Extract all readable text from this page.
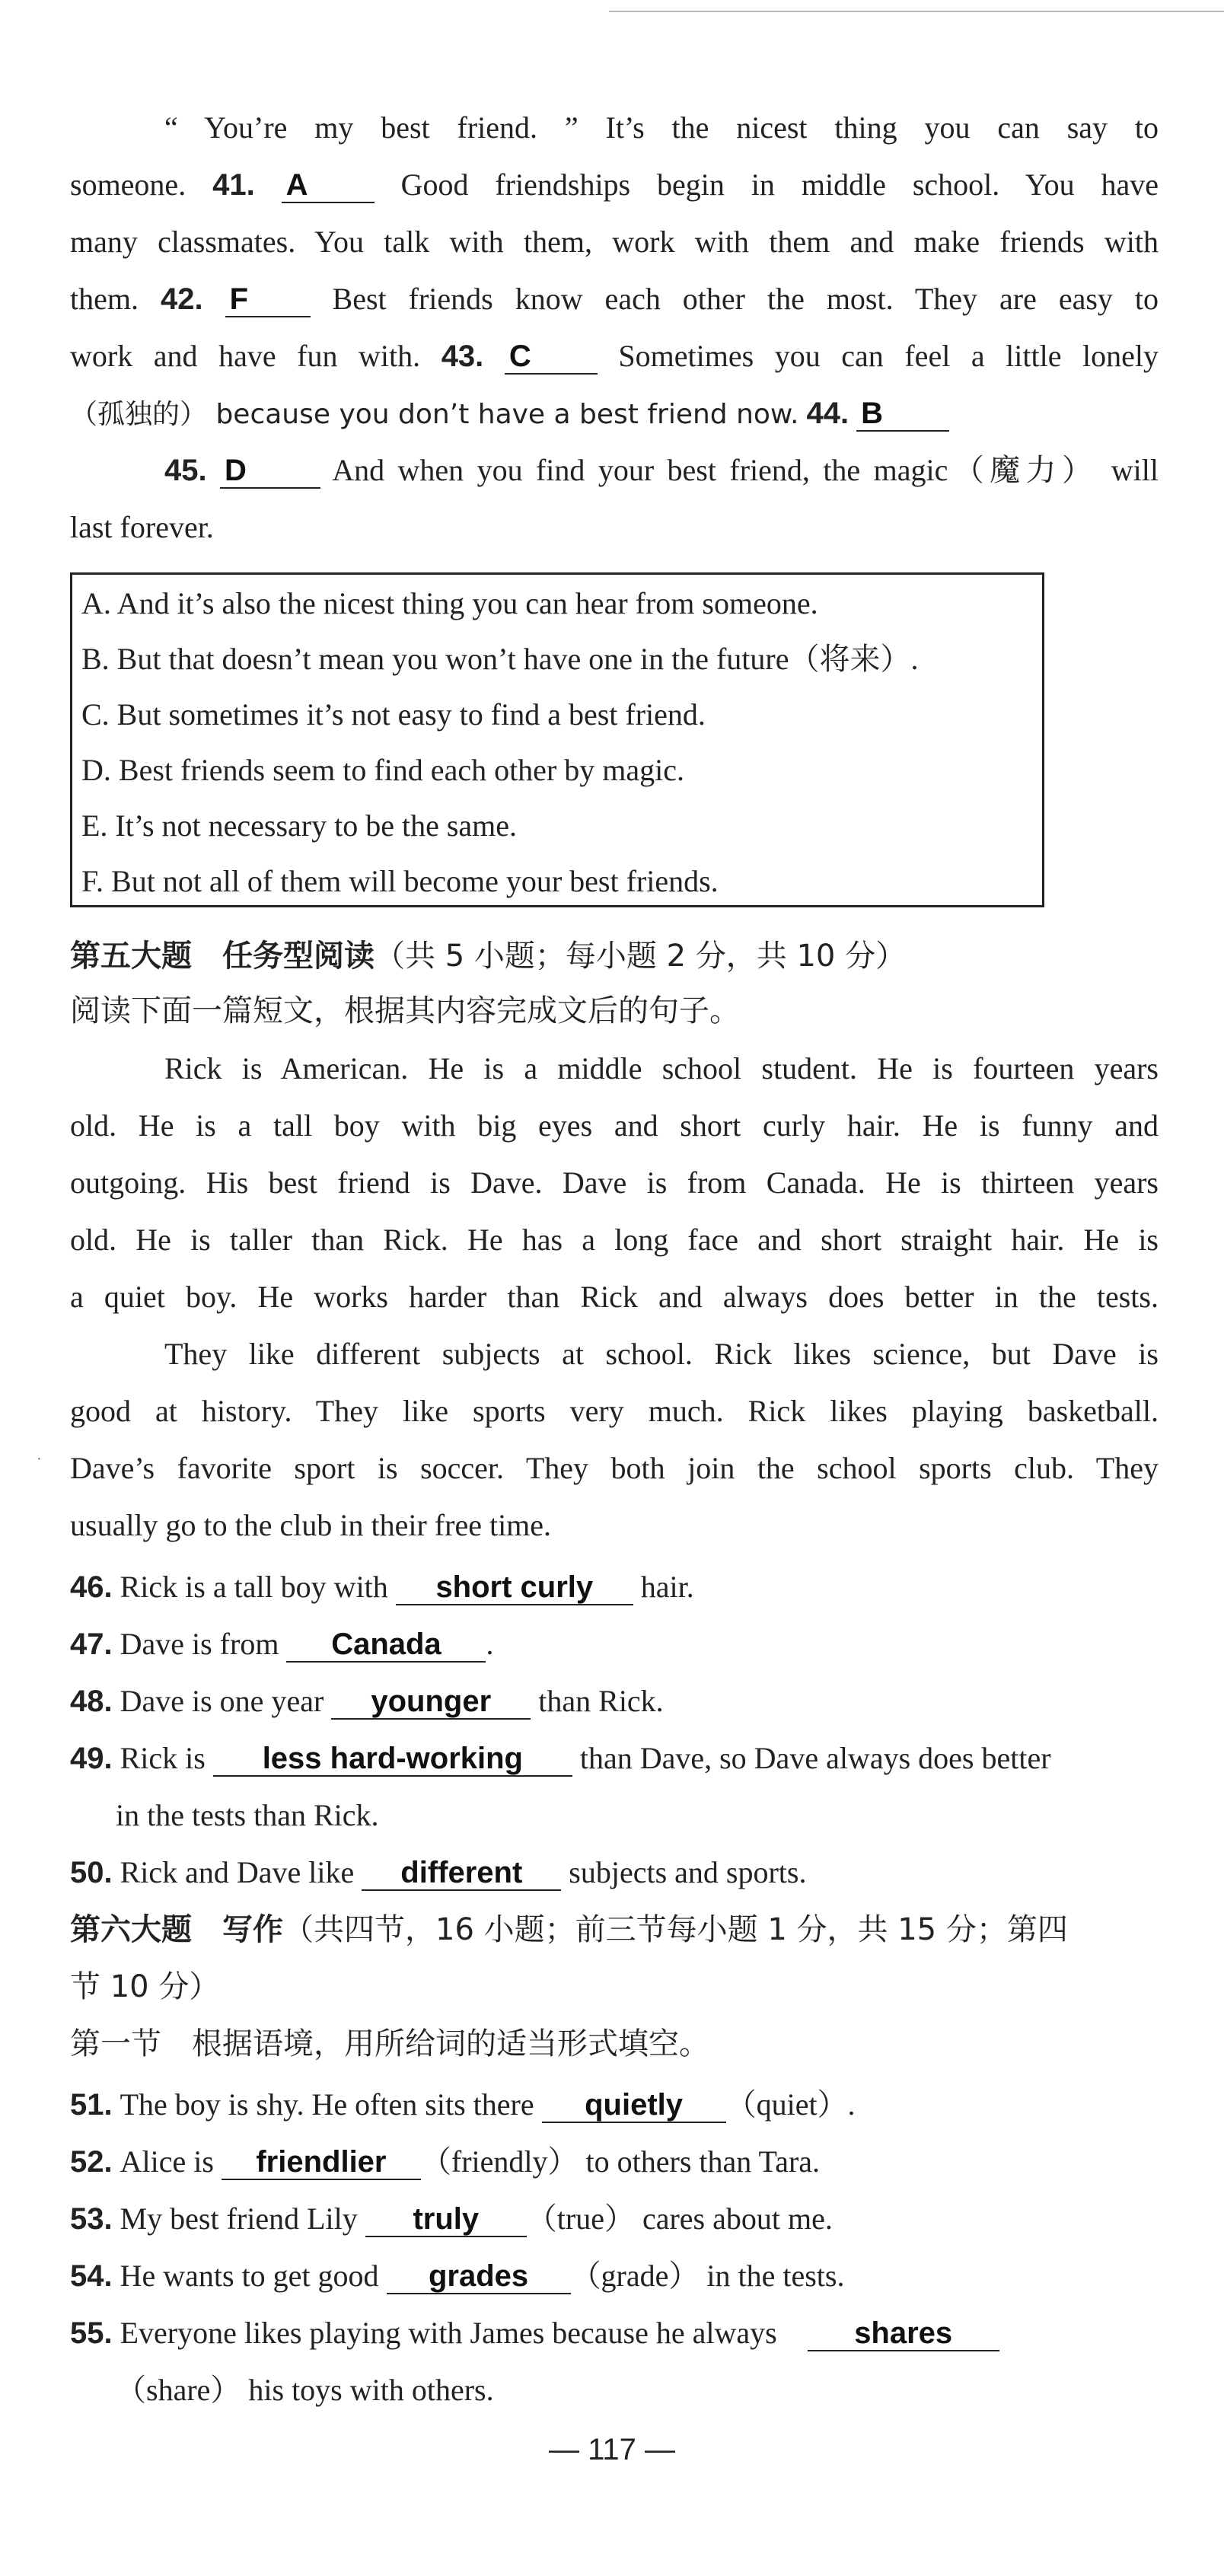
“ You’re my best friend. ” It’s the nicest thing you can say to
someone. 41. A	Good friendships begin in middle school. You have
many classmates. You talk with them, work with them and make friends with
them. 42. F	Best friends know each other the most. They are easy to
work and have fun with. 43. C	Sometimes you can feel a little lonely
（孤独的） because you don’t have a best friend now. 44. B
45. D	And when you find your best friend, the magic（魔力） will
last forever.
A. And it’s also the nicest thing you can hear from someone.
B. But that doesn’t mean you won’t have one in the future（将来）.
C. But sometimes it’s not easy to find a best friend.
D. Best friends seem to find each other by magic.
E. It’s not necessary to be the same.
F. But not all of them will become your best friends.
第五大题　任务型阅读（共 5 小题；每小题 2 分，共 10 分）
阅读下面一篇短文，根据其内容完成文后的句子。
Rick is American. He is a middle school student. He is fourteen years
old. He is a tall boy with big eyes and short curly hair. He is funny and
outgoing. His best friend is Dave. Dave is from Canada. He is thirteen years
old. He is taller than Rick. He has a long face and short straight hair. He is
a quiet boy. He works harder than Rick and always does better in the tests.
They like different subjects at school. Rick likes science, but Dave is
good at history. They like sports very much. Rick likes playing basketball.
Dave’s favorite sport is soccer. They both join the school sports club. They
usually go to the club in their free time.
·
46. Rick is a tall boy with short curly hair.
47. Dave is from Canada .
48. Dave is one year younger than Rick.
49. Rick is less hard-working than Dave, so Dave always does better
in the tests than Rick.
50. Rick and Dave like different subjects and sports.
第六大题　写作（共四节，16 小题；前三节每小题 1 分，共 15 分；第四
节 10 分）
第一节　根据语境，用所给词的适当形式填空。
51. The boy is shy. He often sits there quietly （quiet）.
52. Alice is friendlier （friendly） to others than Tara.
53. My best friend Lily truly （true） cares about me.
54. He wants to get good grades （grade） in the tests.
55. Everyone likes playing with James because he always	shares
（share） his toys with others.
— 117 —
